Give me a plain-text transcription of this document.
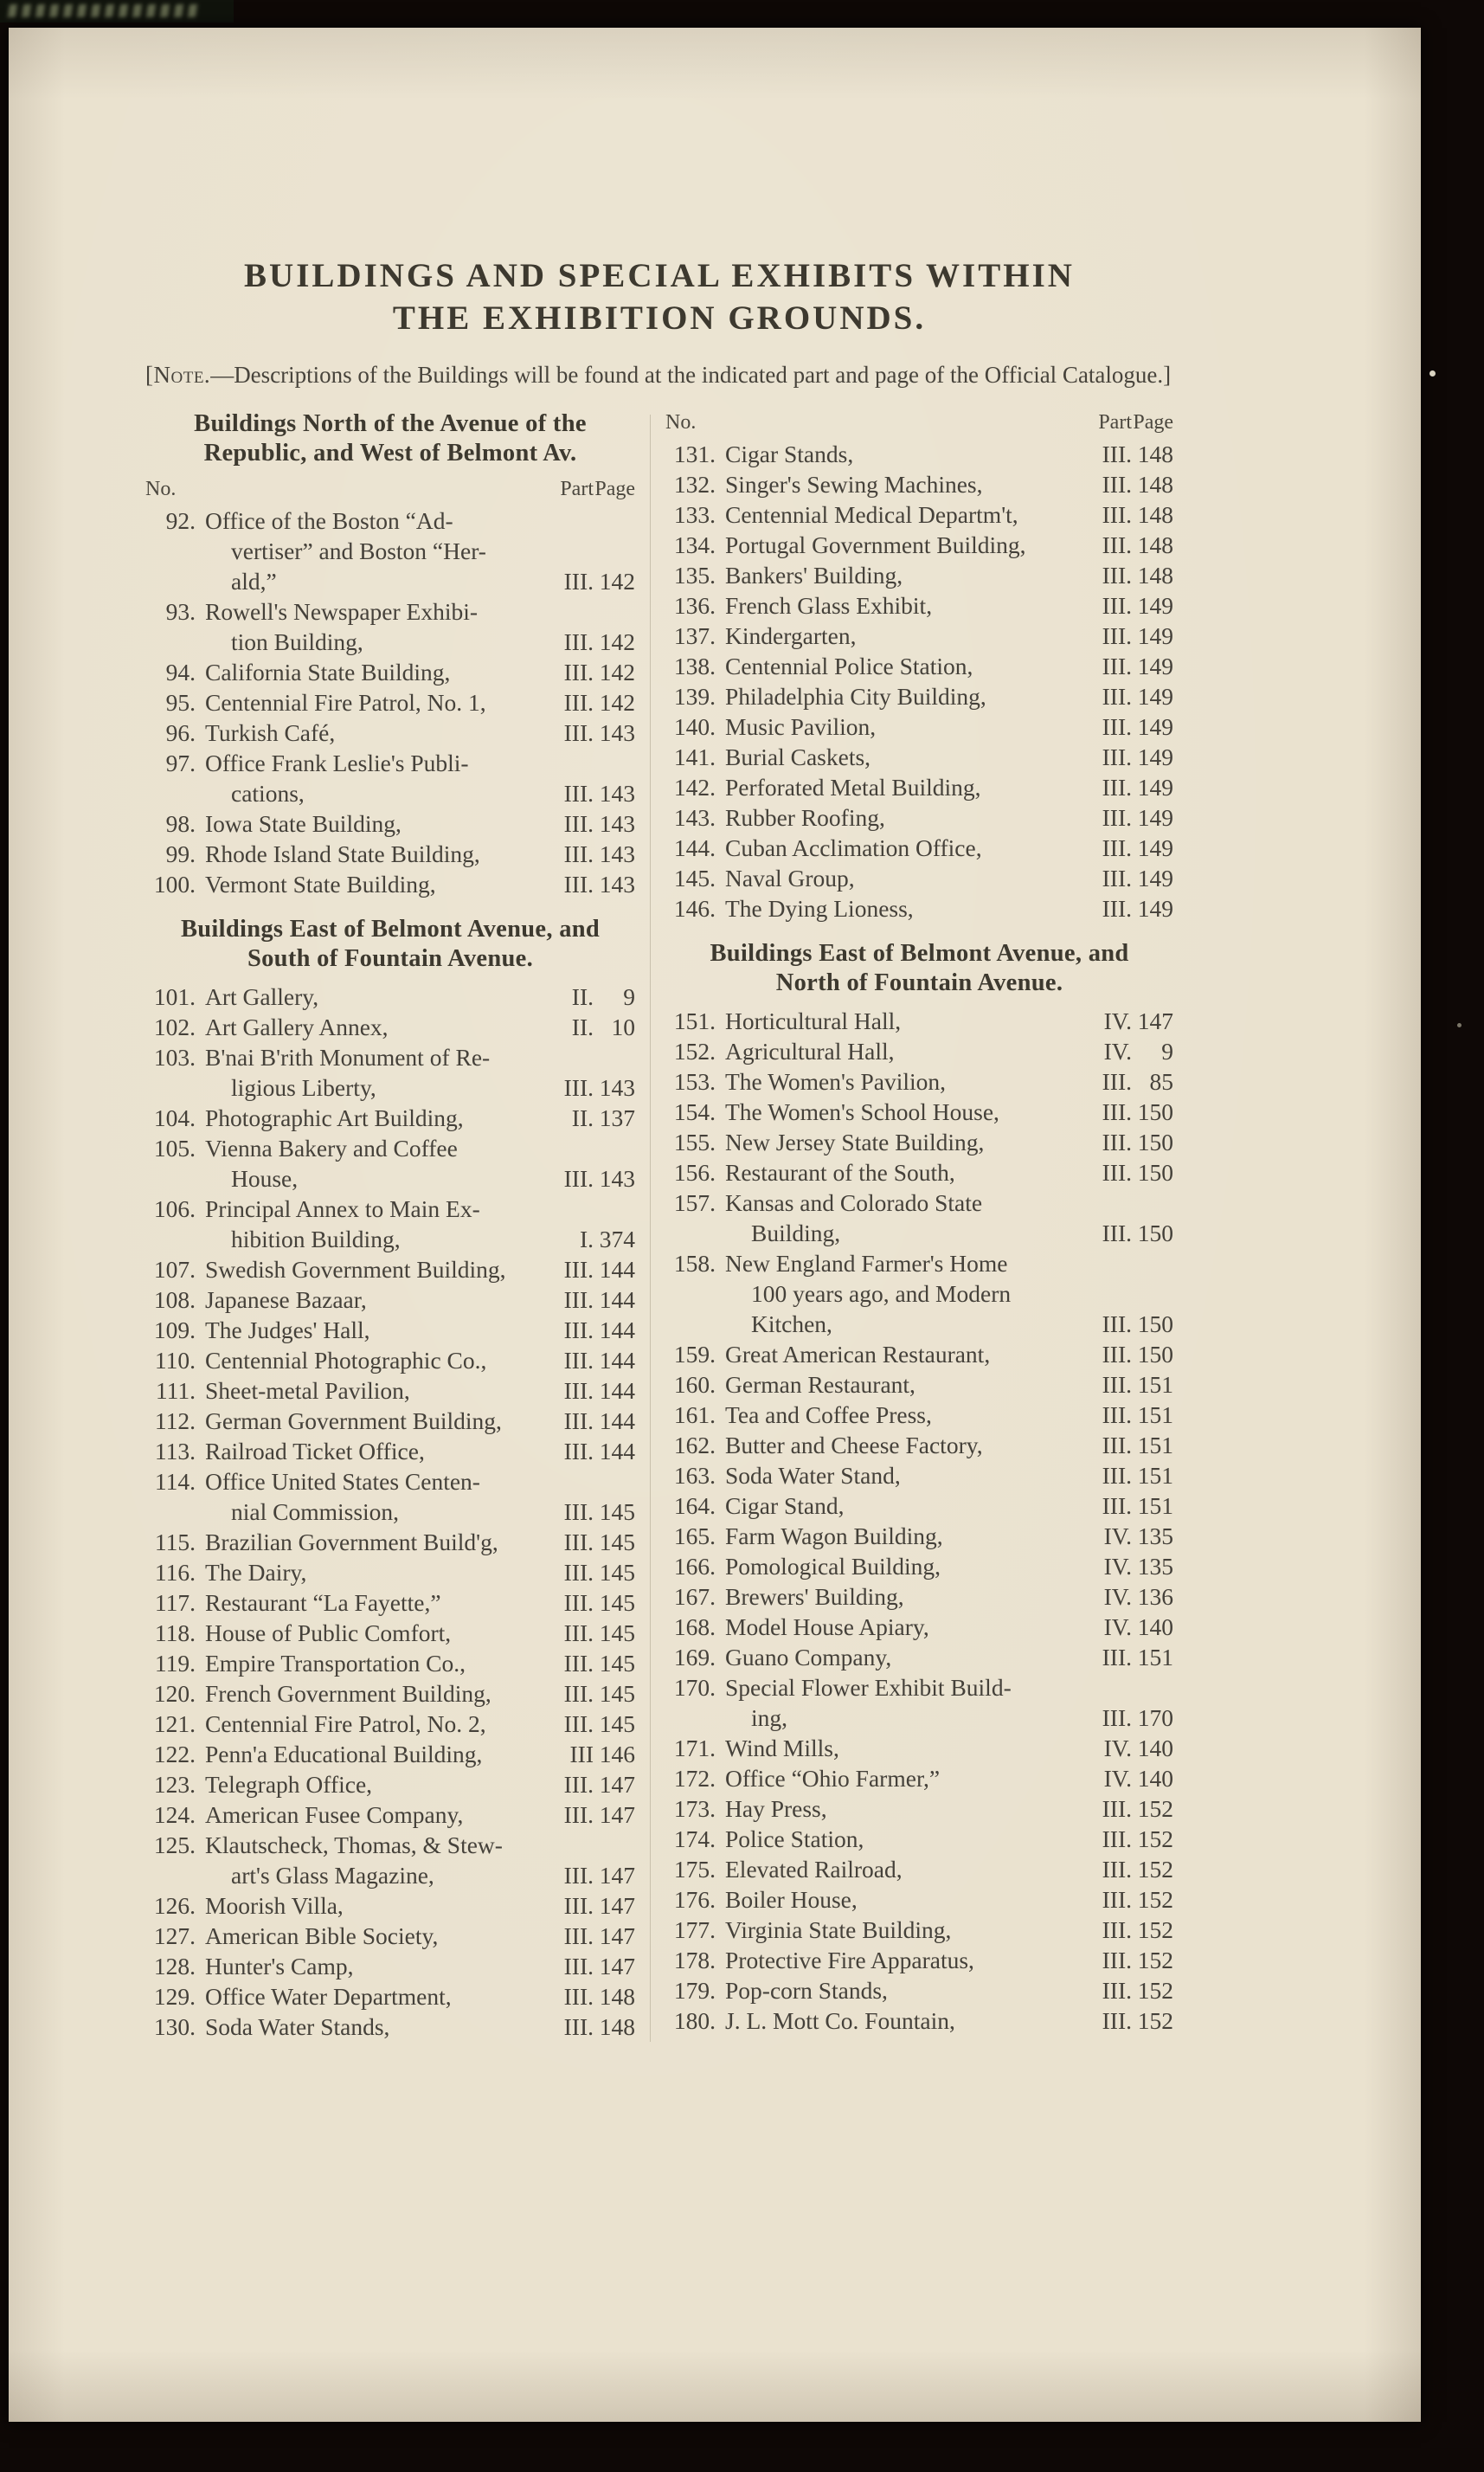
BUILDINGS AND SPECIAL EXHIBITS WITHIN
THE EXHIBITION GROUNDS.
[Note.—Descriptions of the Buildings will be found at the indicated part and page of the Official Catalogue.]
Buildings North of the Avenue of the
Republic, and West of Belmont Av.
No.	Part Page
92. Office of the Boston “Ad-
vertiser” and Boston “Her-
ald,”	III. 142
93. Rowell's Newspaper Exhibi-
tion Building,	III. 142
94. California State Building,	III. 142
95. Centennial Fire Patrol, No. 1,	III. 142
96. Turkish Café,	III. 143
97. Office Frank Leslie's Publi-
cations,	III. 143
98. Iowa State Building,	III. 143
99. Rhode Island State Building,	III. 143
100. Vermont State Building,	III. 143
Buildings East of Belmont Avenue, and
South of Fountain Avenue.
101. Art Gallery,	II.	9
102. Art Gallery Annex,	II. 10
103. B'nai B'rith Monument of Re-
ligious Liberty,	III. 143
104. Photographic Art Building,	II. 137
105. Vienna Bakery and Coffee
House,	III. 143
106. Principal Annex to Main Ex-
hibition Building,	I. 374
107. Swedish Government Building,	III. 144
108. Japanese Bazaar,	III. 144
109. The Judges' Hall,	III. 144
110. Centennial Photographic Co.,	III. 144
111. Sheet-metal Pavilion,	III. 144
112. German Government Building,	III. 144
113. Railroad Ticket Office,	III. 144
114. Office United States Centen-
nial Commission,	III. 145
115. Brazilian Government Build'g,	III. 145
116. The Dairy,	III. 145
117. Restaurant “La Fayette,”	III. 145
118. House of Public Comfort,	III. 145
119. Empire Transportation Co.,	III. 145
120. French Government Building,	III. 145
121. Centennial Fire Patrol, No. 2,	III. 145
122. Penn'a Educational Building,	III 146
123. Telegraph Office,	III. 147
124. American Fusee Company,	III. 147
125. Klautscheck, Thomas, & Stew-
art's Glass Magazine,	III. 147
126. Moorish Villa,	III. 147
127. American Bible Society,	III. 147
128. Hunter's Camp,	III. 147
129. Office Water Department,	III. 148
130. Soda Water Stands,	III. 148
No.	Part Page
131. Cigar Stands,	III. 148
132. Singer's Sewing Machines,	III. 148
133. Centennial Medical Departm't,	III. 148
134. Portugal Government Building,	III. 148
135. Bankers' Building,	III. 148
136. French Glass Exhibit,	III. 149
137. Kindergarten,	III. 149
138. Centennial Police Station,	III. 149
139. Philadelphia City Building,	III. 149
140. Music Pavilion,	III. 149
141. Burial Caskets,	III. 149
142. Perforated Metal Building,	III. 149
143. Rubber Roofing,	III. 149
144. Cuban Acclimation Office,	III. 149
145. Naval Group,	III. 149
146. The Dying Lioness,	III. 149
Buildings East of Belmont Avenue, and
North of Fountain Avenue.
151. Horticultural Hall,	IV. 147
152. Agricultural Hall,	IV.	9
153. The Women's Pavilion,	III. 85
154. The Women's School House,	III. 150
155. New Jersey State Building,	III. 150
156. Restaurant of the South,	III. 150
157. Kansas and Colorado State
Building,	III. 150
158. New England Farmer's Home
100 years ago, and Modern
Kitchen,	III. 150
159. Great American Restaurant,	III. 150
160. German Restaurant,	III. 151
161. Tea and Coffee Press,	III. 151
162. Butter and Cheese Factory,	III. 151
163. Soda Water Stand,	III. 151
164. Cigar Stand,	III. 151
165. Farm Wagon Building,	IV. 135
166. Pomological Building,	IV. 135
167. Brewers' Building,	IV. 136
168. Model House Apiary,	IV. 140
169. Guano Company,	III. 151
170. Special Flower Exhibit Build-
ing,	III. 170
171. Wind Mills,	IV. 140
172. Office “Ohio Farmer,”	IV. 140
173. Hay Press,	III. 152
174. Police Station,	III. 152
175. Elevated Railroad,	III. 152
176. Boiler House,	III. 152
177. Virginia State Building,	III. 152
178. Protective Fire Apparatus,	III. 152
179. Pop-corn Stands,	III. 152
180. J. L. Mott Co. Fountain,	III. 152
